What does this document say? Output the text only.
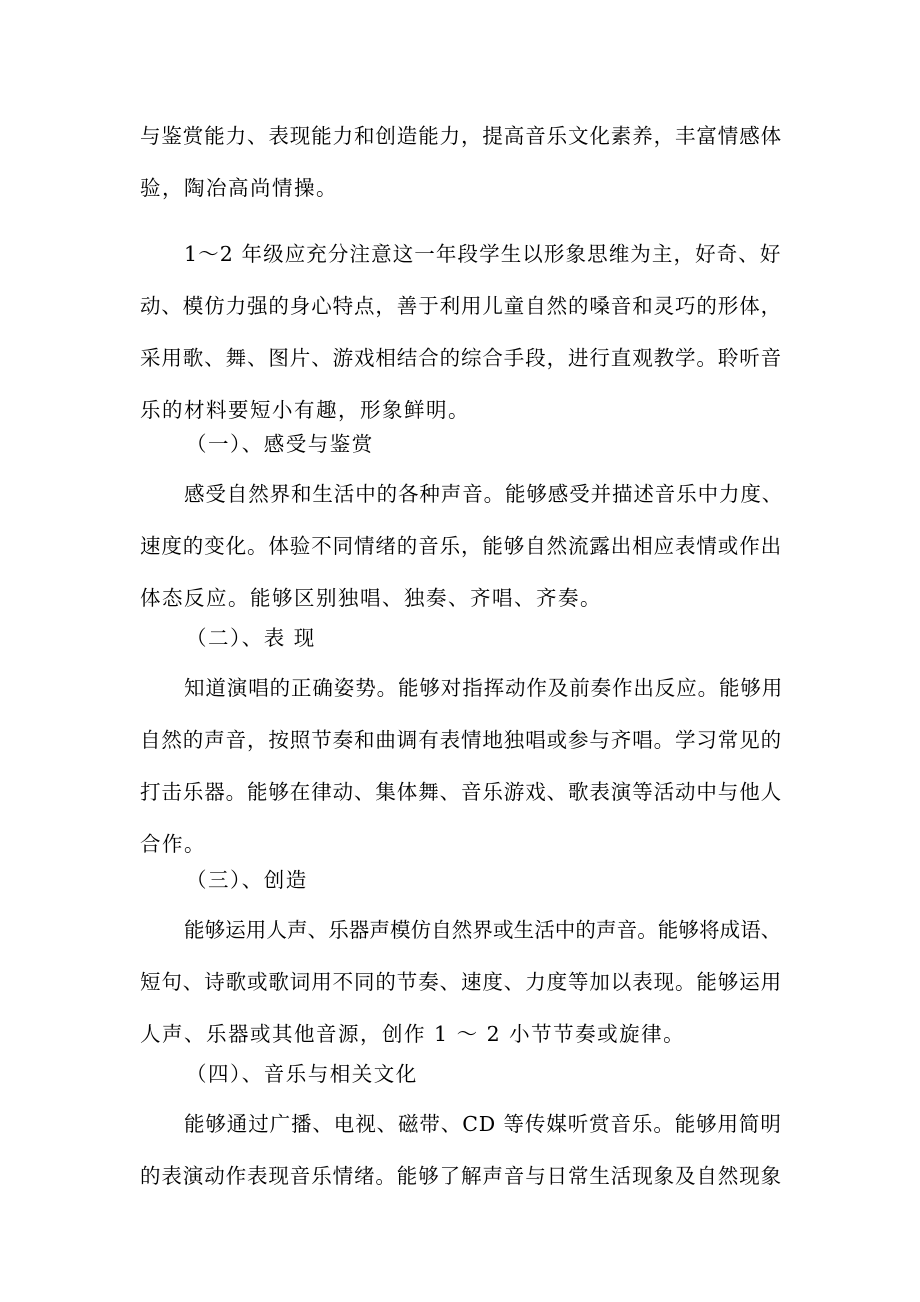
与鉴赏能力、表现能力和创造能力，提高音乐文化素养，丰富情感体
验，陶冶高尚情操。
1～2 年级应充分注意这一年段学生以形象思维为主，好奇、好
动、模仿力强的身心特点，善于利用儿童自然的嗓音和灵巧的形体，
采用歌、舞、图片、游戏相结合的综合手段，进行直观教学。聆听音
乐的材料要短小有趣，形象鲜明。
（一）、感受与鉴赏
感受自然界和生活中的各种声音。能够感受并描述音乐中力度、
速度的变化。体验不同情绪的音乐，能够自然流露出相应表情或作出
体态反应。能够区别独唱、独奏、齐唱、齐奏。
（二）、表 现
知道演唱的正确姿势。能够对指挥动作及前奏作出反应。能够用
自然的声音，按照节奏和曲调有表情地独唱或参与齐唱。学习常见的
打击乐器。能够在律动、集体舞、音乐游戏、歌表演等活动中与他人
合作。
（三）、创造
能够运用人声、乐器声模仿自然界或生活中的声音。能够将成语、
短句、诗歌或歌词用不同的节奏、速度、力度等加以表现。能够运用
人声、乐器或其他音源，创作 1 ～ 2 小节节奏或旋律。
（四）、音乐与相关文化
能够通过广播、电视、磁带、CD 等传媒听赏音乐。能够用简明
的表演动作表现音乐情绪。能够了解声音与日常生活现象及自然现象
